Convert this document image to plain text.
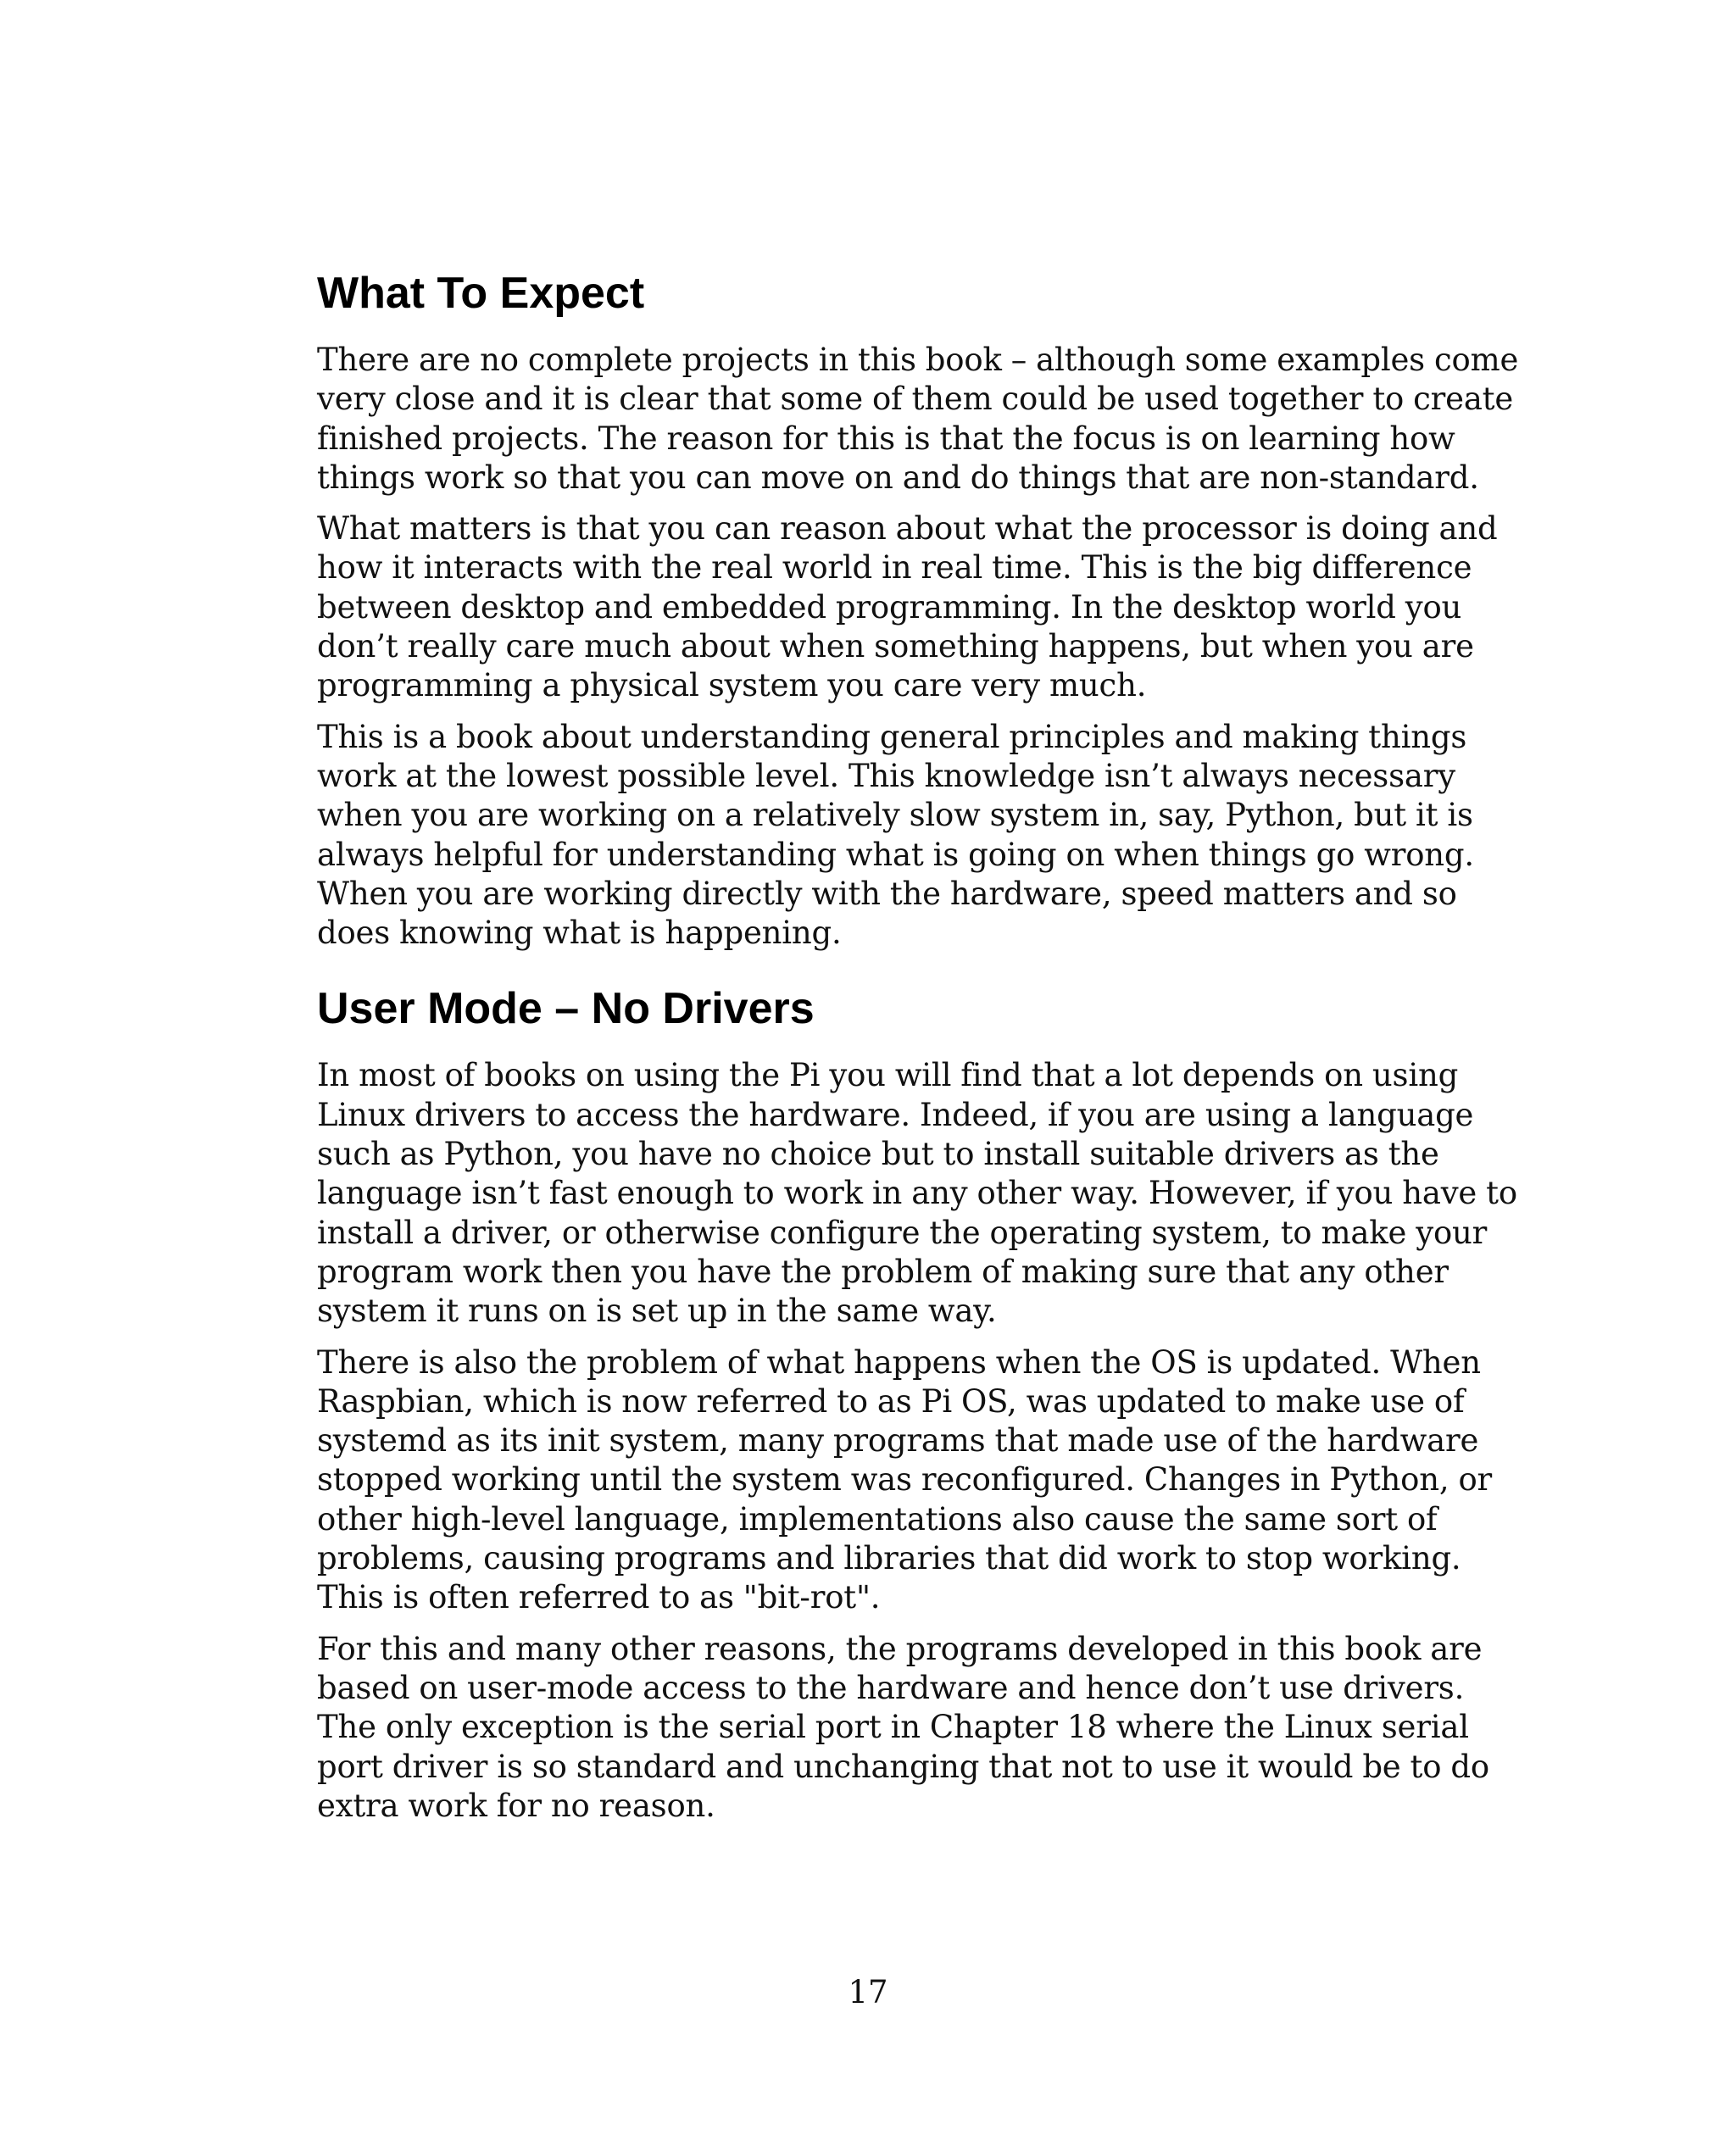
What To Expect

There are no complete projects in this book – although some examples come very close and it is clear that some of them could be used together to create finished projects. The reason for this is that the focus is on learning how things work so that you can move on and do things that are non-standard.

What matters is that you can reason about what the processor is doing and how it interacts with the real world in real time. This is the big difference between desktop and embedded programming. In the desktop world you don’t really care much about when something happens, but when you are programming a physical system you care very much.

This is a book about understanding general principles and making things work at the lowest possible level. This knowledge isn’t always necessary when you are working on a relatively slow system in, say, Python, but it is always helpful for understanding what is going on when things go wrong. When you are working directly with the hardware, speed matters and so does knowing what is happening.

User Mode – No Drivers

In most of books on using the Pi you will find that a lot depends on using Linux drivers to access the hardware. Indeed, if you are using a language such as Python, you have no choice but to install suitable drivers as the language isn’t fast enough to work in any other way. However, if you have to install a driver, or otherwise configure the operating system, to make your program work then you have the problem of making sure that any other system it runs on is set up in the same way.

There is also the problem of what happens when the OS is updated. When Raspbian, which is now referred to as Pi OS, was updated to make use of systemd as its init system, many programs that made use of the hardware stopped working until the system was reconfigured. Changes in Python, or other high-level language, implementations also cause the same sort of problems, causing programs and libraries that did work to stop working. This is often referred to as "bit-rot".

For this and many other reasons, the programs developed in this book are based on user-mode access to the hardware and hence don’t use drivers. The only exception is the serial port in Chapter 18 where the Linux serial port driver is so standard and unchanging that not to use it would be to do extra work for no reason.

17
